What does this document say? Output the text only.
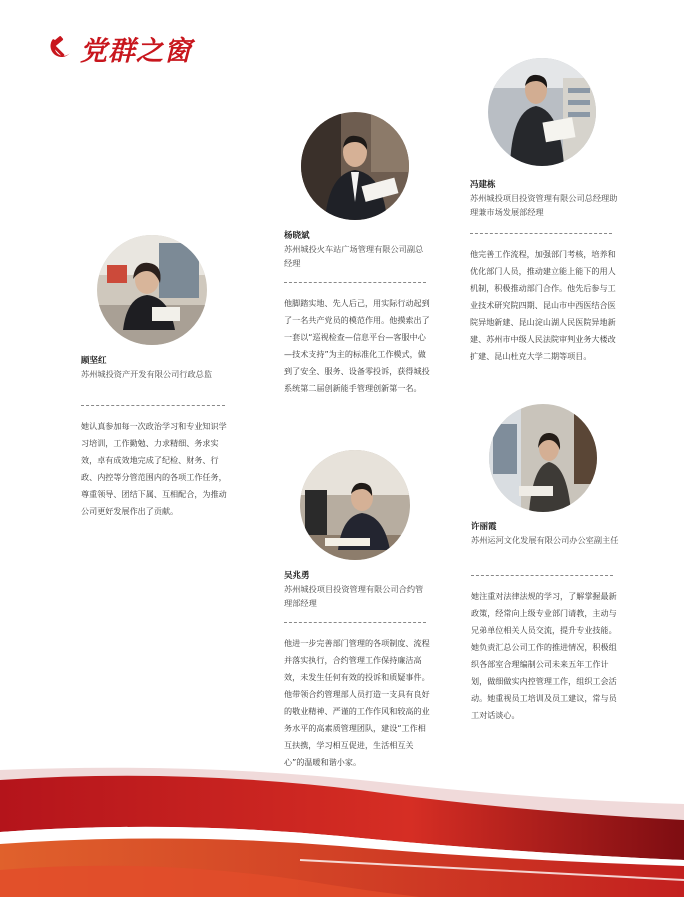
党群之窗
顾坚红
苏州城投资产开发有限公司行政总监
她认真参加每一次政治学习和专业知识学习培训，工作勤勉、力求精细、务求实效，卓有成效地完成了纪检、财务、行政、内控等分管范围内的各项工作任务，尊重领导、团结下属、互相配合，为推动公司更好发展作出了贡献。
杨晓斌
苏州城投火车站广场管理有限公司副总经理
他脚踏实地、先人后己，用实际行动起到了一名共产党员的模范作用。他摸索出了一套以“巡视检查—信息平台—客服中心—技术支持”为主的标准化工作模式，做到了安全、服务、设备零投诉，获得城投系统第二届创新能手管理创新第一名。
冯建栋
苏州城投项目投资管理有限公司总经理助理兼市场发展部经理
他完善工作流程，加强部门考核，培养和优化部门人员，推动建立能上能下的用人机制，积极推动部门合作。他先后参与工业技术研究院四期、昆山市中西医结合医院异地新建、昆山淀山湖人民医院异地新建、苏州市中级人民法院审判业务大楼改扩建、昆山杜克大学二期等项目。
吴兆勇
苏州城投项目投资管理有限公司合约管理部经理
他进一步完善部门管理的各项制度、流程并落实执行，合约管理工作保持廉洁高效，未发生任何有效的投诉和质疑事件。他带领合约管理部人员打造一支具有良好的敬业精神、严谨的工作作风和较高的业务水平的高素质管理团队，建设“工作相互扶携，学习相互促进，生活相互关心”的温暖和谐小家。
许丽霞
苏州运河文化发展有限公司办公室副主任
她注重对法律法规的学习，了解掌握最新政策，经常向上级专业部门请教，主动与兄弟单位相关人员交流，提升专业技能。她负责汇总公司工作的推进情况，积极组织各部室合理编制公司未来五年工作计划，做细做实内控管理工作，组织工会活动。她重视员工培训及员工建议，常与员工对话谈心。
